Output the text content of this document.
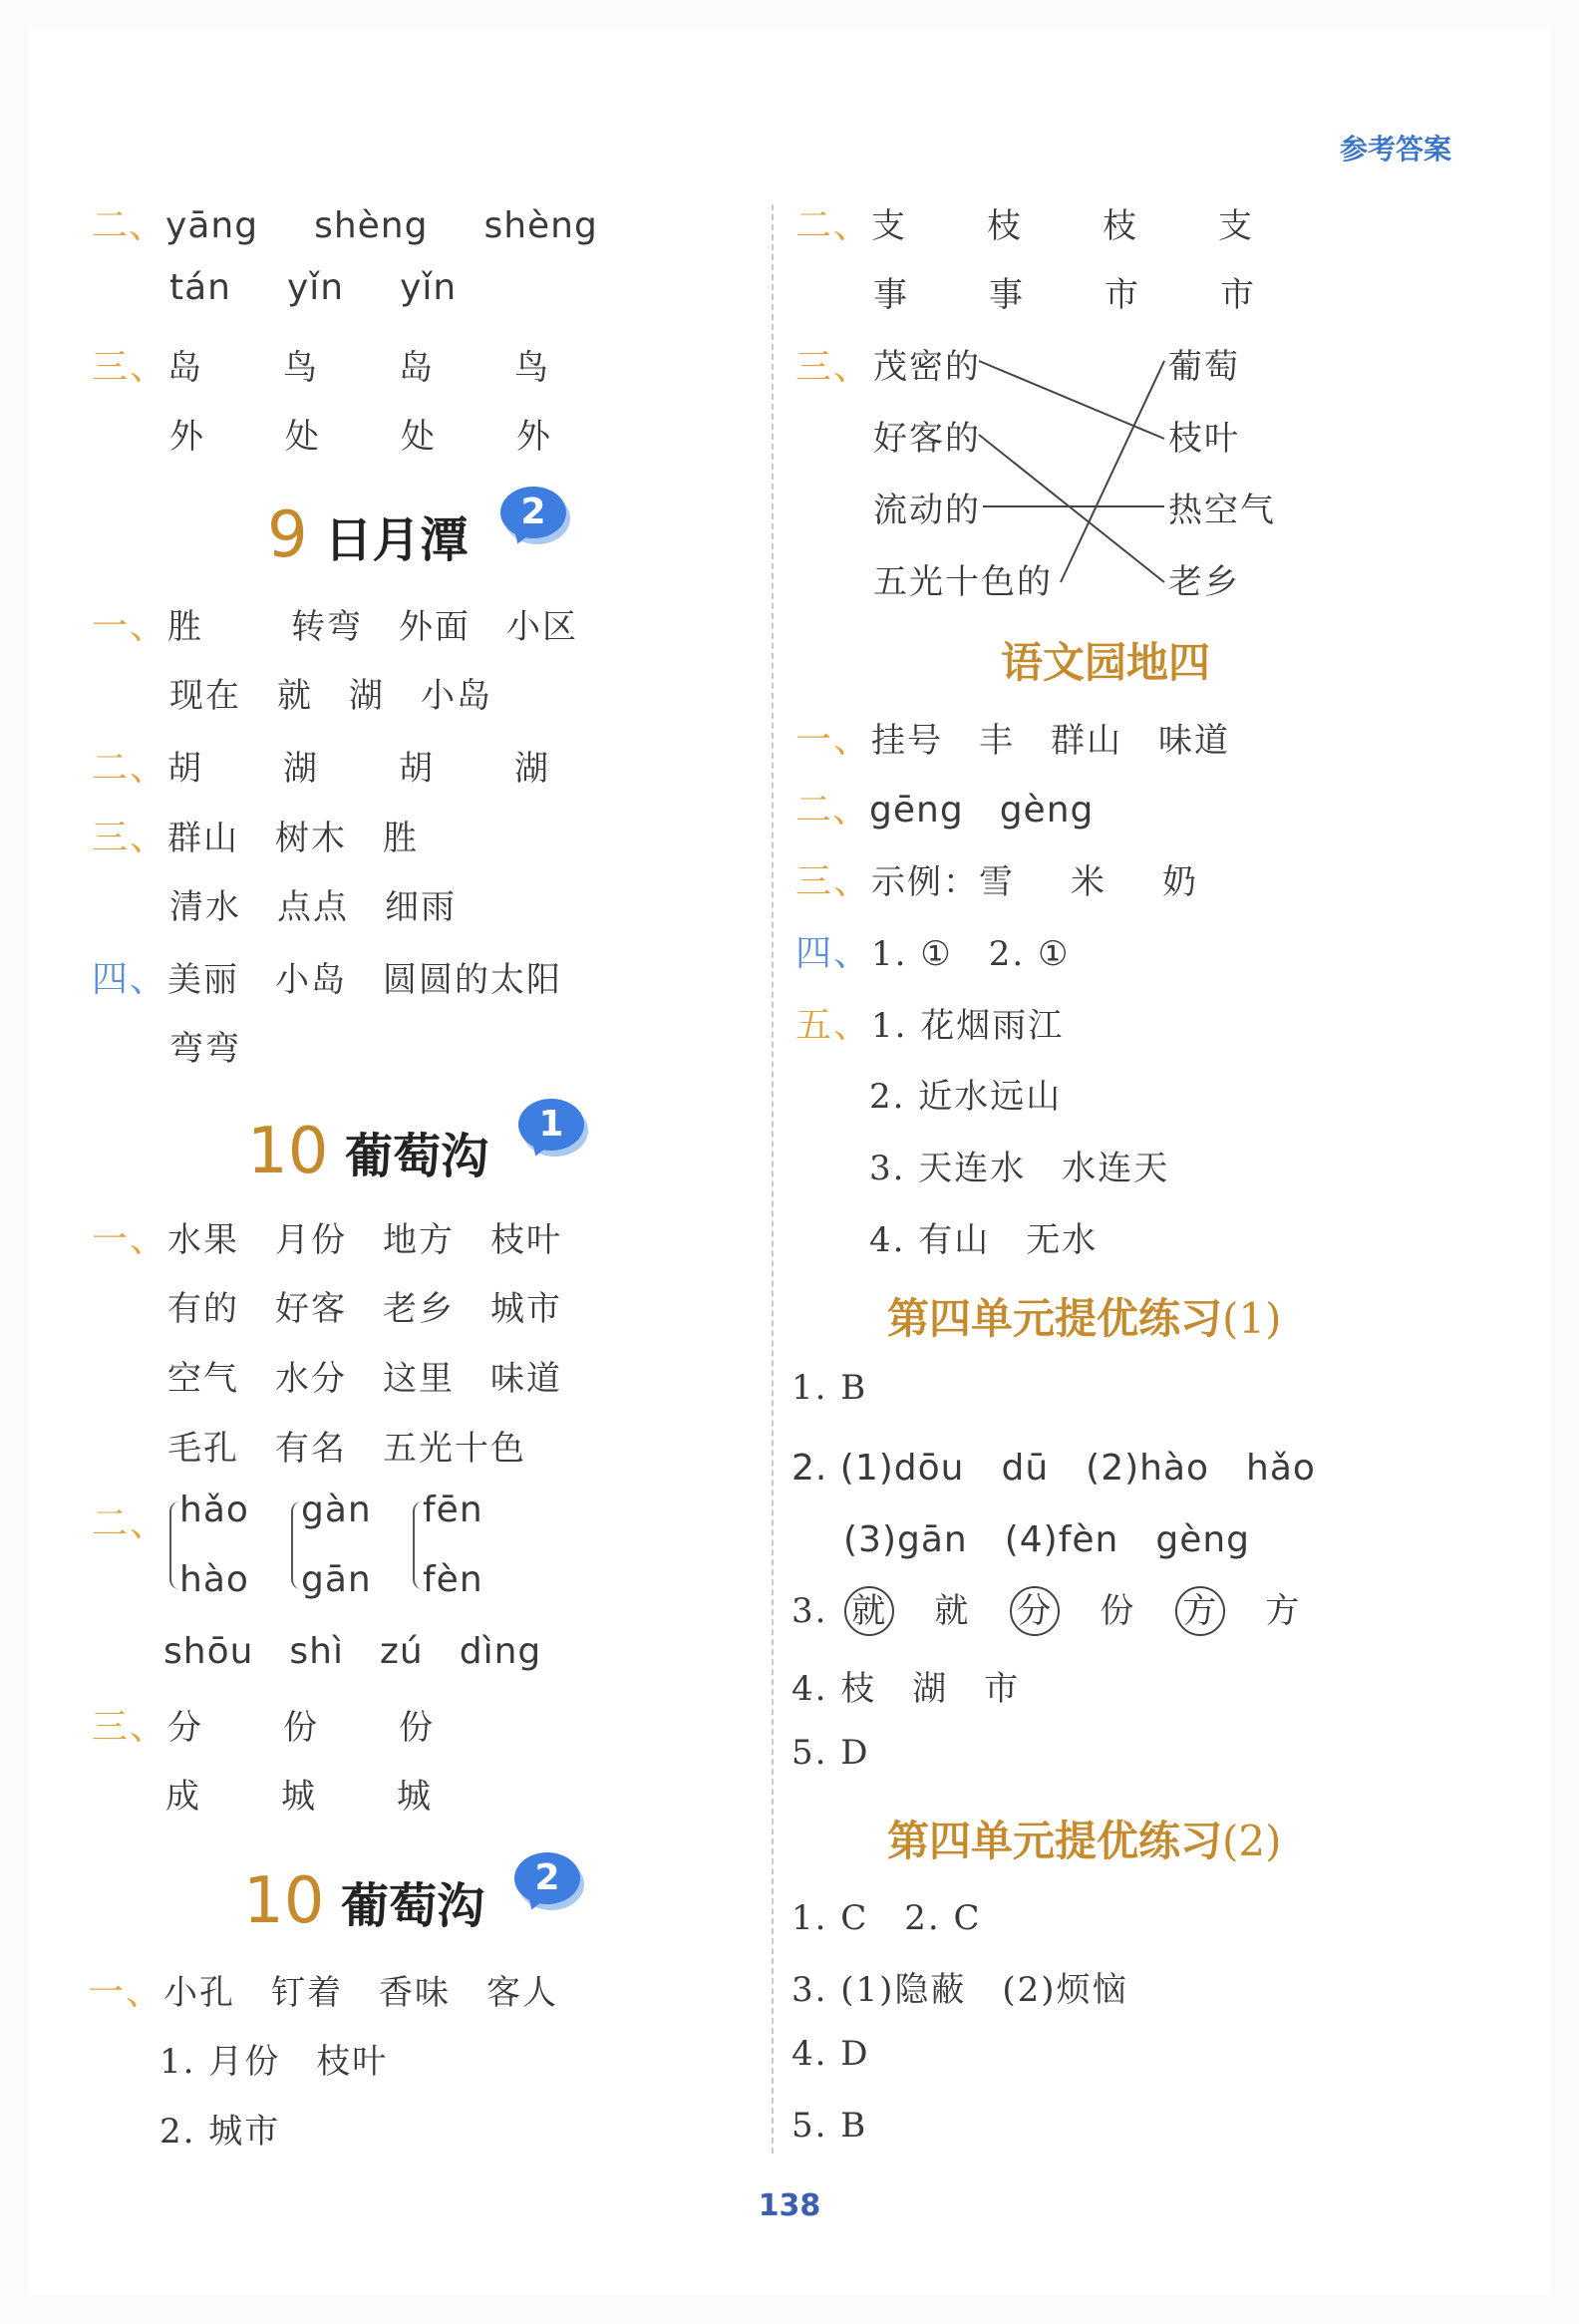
参考答案
二、yāng shèng shèng
tán yǐn yǐn
三、岛 鸟 岛 鸟
外 处 处 外
9 日月潭
2
一、胜	转弯 外面 小区
现在 就 湖 小岛
二、胡 湖 胡 湖
三、群山 树木 胜
清水 点点 细雨
四、美丽 小岛 圆圆的太阳
弯弯
10 葡萄沟
1
一、水果 月份 地方 枝叶
有的 好客 老乡 城市
空气 水分 这里 味道
毛孔 有名 五光十色
二、 hǎo
hào
gàn
gān
fēn
fèn
shōu shì zú dìng
三、分 份 份
成 城 城
10 葡萄沟
2
一、小孔 钉着 香味 客人
1. 月份　枝叶
2. 城市
二、支 枝 枝 支
事 事 市 市
三、 茂密的
好客的
流动的
五光十色的
葡萄
枝叶
热空气
老乡
语文园地四
一、挂号 丰 群山 味道
二、gēng gèng
三、示例：雪 米 奶
四、1. ①　2. ①
五、1. 花烟雨江
2. 近水远山
3. 天连水　水连天
4. 有山　无水
第四单元提优练习(1)
1. B
2. (1)dōu　dū　(2)hào　hǎo
(3)gān　(4)fèn　gèng
3. 就 就 分 份 方 方
4. 枝　湖　市
5. D
第四单元提优练习(2)
1. C　2. C
3. (1)隐蔽　(2)烦恼
4. D
5. B
138
